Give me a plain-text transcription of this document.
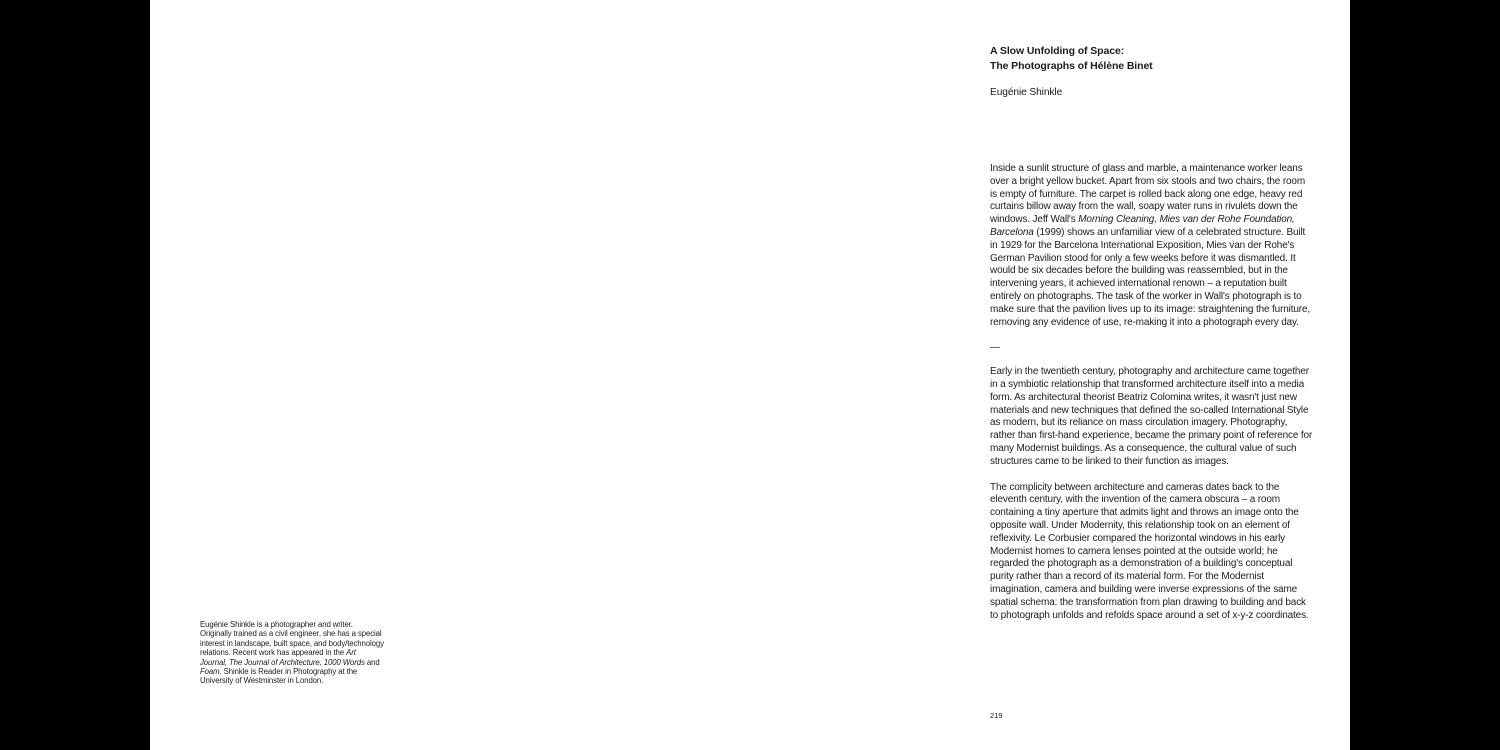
Eugénie Shinkle is a photographer and writer. Originally trained as a civil engineer, she has a special interest in landscape, built space, and body/technology relations. Recent work has appeared in the Art Journal, The Journal of Architecture, 1000 Words and Foam. Shinkle is Reader in Photography at the University of Westminster in London.

A Slow Unfolding of Space:
The Photographs of Hélène Binet
Eugénie Shinkle

Inside a sunlit structure of glass and marble, a maintenance worker leans over a bright yellow bucket. Apart from six stools and two chairs, the room is empty of furniture. The carpet is rolled back along one edge, heavy red curtains billow away from the wall, soapy water runs in rivulets down the windows. Jeff Wall's Morning Cleaning, Mies van der Rohe Foundation, Barcelona (1999) shows an unfamiliar view of a celebrated structure. Built in 1929 for the Barcelona International Exposition, Mies van der Rohe's German Pavilion stood for only a few weeks before it was dismantled. It would be six decades before the building was reassembled, but in the intervening years, it achieved international renown – a reputation built entirely on photographs. The task of the worker in Wall's photograph is to make sure that the pavilion lives up to its image: straightening the furniture, removing any evidence of use, re-making it into a photograph every day.

—

Early in the twentieth century, photography and architecture came together in a symbiotic relationship that transformed architecture itself into a media form. As architectural theorist Beatriz Colomina writes, it wasn't just new materials and new techniques that defined the so-called International Style as modern, but its reliance on mass circulation imagery. Photography, rather than first-hand experience, became the primary point of reference for many Modernist buildings. As a consequence, the cultural value of such structures came to be linked to their function as images.

The complicity between architecture and cameras dates back to the eleventh century, with the invention of the camera obscura – a room containing a tiny aperture that admits light and throws an image onto the opposite wall. Under Modernity, this relationship took on an element of reflexivity. Le Corbusier compared the horizontal windows in his early Modernist homes to camera lenses pointed at the outside world; he regarded the photograph as a demonstration of a building's conceptual purity rather than a record of its material form. For the Modernist imagination, camera and building were inverse expressions of the same spatial schema: the transformation from plan drawing to building and back to photograph unfolds and refolds space around a set of x-y-z coordinates.

219
